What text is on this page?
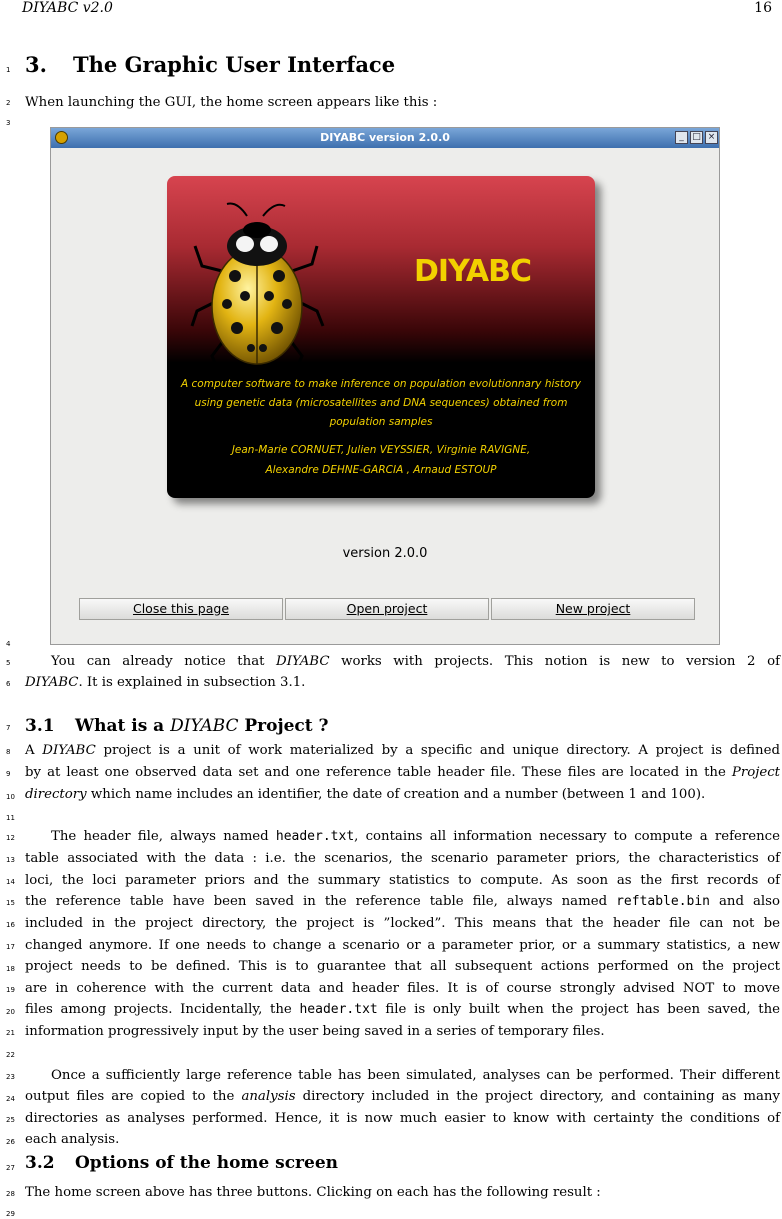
DIYABC v2.0	16
1
2
3
4
5
6
7
8
9
10
11
12
13
14
15
16
17
18
19
20
21
22
23
24
25
26
27
28
29
3. The Graphic User Interface
When launching the GUI, the home screen appears like this :
DIYABC version 2.0.0	_ □ ×
DIYABC
A computer software to make inference on population evolutionnary history
using genetic data (microsatellites and DNA sequences) obtained from
population samples
Jean-Marie CORNUET, Julien VEYSSIER, Virginie RAVIGNE,
Alexandre DEHNE-GARCIA , Arnaud ESTOUP
version 2.0.0
Close this page	Open project	New project
You can already notice that DIYABC works with projects. This notion is new to version 2 of
DIYABC. It is explained in subsection 3.1.
3.1 What is a DIYABC Project ?
A DIYABC project is a unit of work materialized by a specific and unique directory. A project is defined
by at least one observed data set and one reference table header file. These files are located in the Project
directory which name includes an identifier, the date of creation and a number (between 1 and 100).
The header file, always named header.txt, contains all information necessary to compute a reference
table associated with the data : i.e. the scenarios, the scenario parameter priors, the characteristics of
loci, the loci parameter priors and the summary statistics to compute. As soon as the first records of
the reference table have been saved in the reference table file, always named reftable.bin and also
included in the project directory, the project is ”locked”. This means that the header file can not be
changed anymore. If one needs to change a scenario or a parameter prior, or a summary statistics, a new
project needs to be defined. This is to guarantee that all subsequent actions performed on the project
are in coherence with the current data and header files. It is of course strongly advised NOT to move
files among projects. Incidentally, the header.txt file is only built when the project has been saved, the
information progressively input by the user being saved in a series of temporary files.
Once a sufficiently large reference table has been simulated, analyses can be performed. Their different
output files are copied to the analysis directory included in the project directory, and containing as many
directories as analyses performed. Hence, it is now much easier to know with certainty the conditions of
each analysis.
3.2 Options of the home screen
The home screen above has three buttons. Clicking on each has the following result :
